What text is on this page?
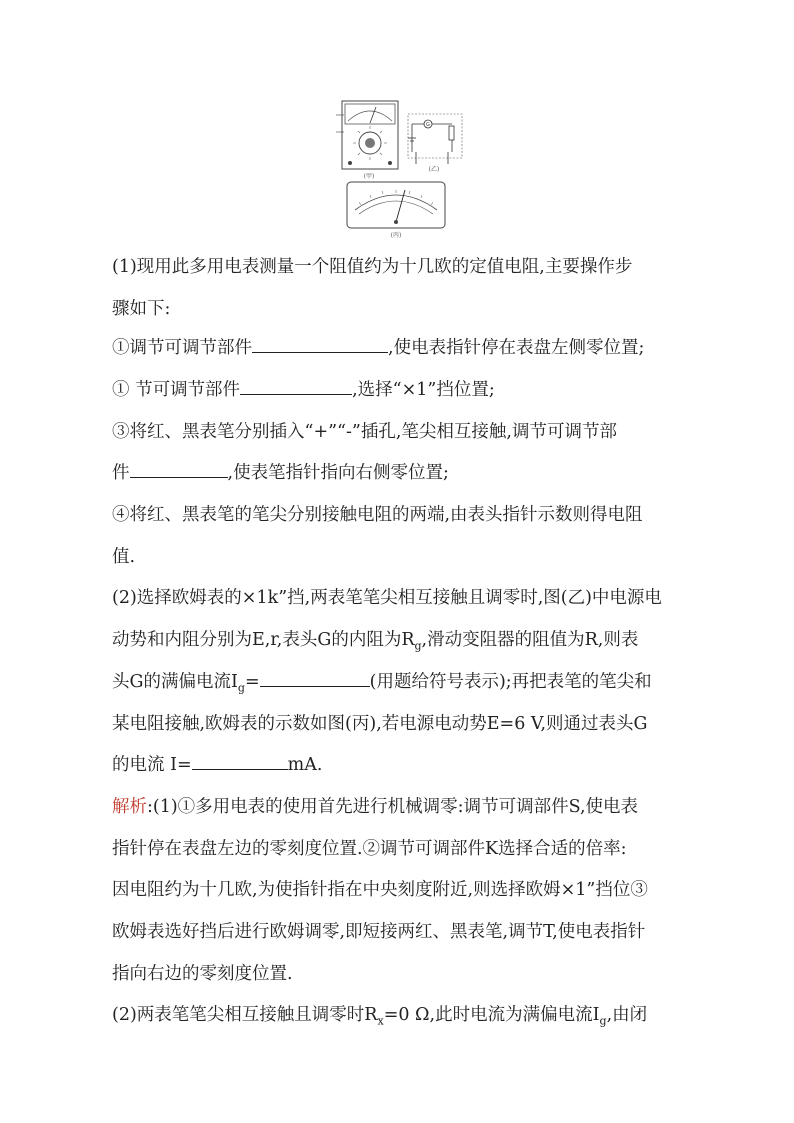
(甲)
G
(乙)
(丙)
(1)现用此多用电表测量一个阻值约为十几欧的定值电阻,主要操作步
骤如下:
①调节可调节部件	,使电表指针停在表盘左侧零位置;
① 节可调节部件	,选择“×1”挡位置;
③将红、黑表笔分别插入“+”“-”插孔,笔尖相互接触,调节可调节部
件	,使表笔指针指向右侧零位置;
④将红、黑表笔的笔尖分别接触电阻的两端,由表头指针示数则得电阻
值.
(2)选择欧姆表的×1k”挡,两表笔笔尖相互接触且调零时,图(乙)中电源电
动势和内阻分别为E,r,表头G的内阻为$R_g$,滑动变阻器的阻值为R,则表
头G的满偏电流$I_g=$	(用题给符号表示);再把表笔的笔尖和
某电阻接触,欧姆表的示数如图(丙),若电源电动势E=6 V,则通过表头G
的电流 I=	mA.
解析:(1)①多用电表的使用首先进行机械调零:调节可调部件S,使电表
指针停在表盘左边的零刻度位置.②调节可调部件K选择合适的倍率:
因电阻约为十几欧,为使指针指在中央刻度附近,则选择欧姆×1”挡位③
欧姆表选好挡后进行欧姆调零,即短接两红、黑表笔,调节T,使电表指针
指向右边的零刻度位置.
(2)两表笔笔尖相互接触且调零时$R_x=0$ Ω,此时电流为满偏电流$I_g$,由闭
